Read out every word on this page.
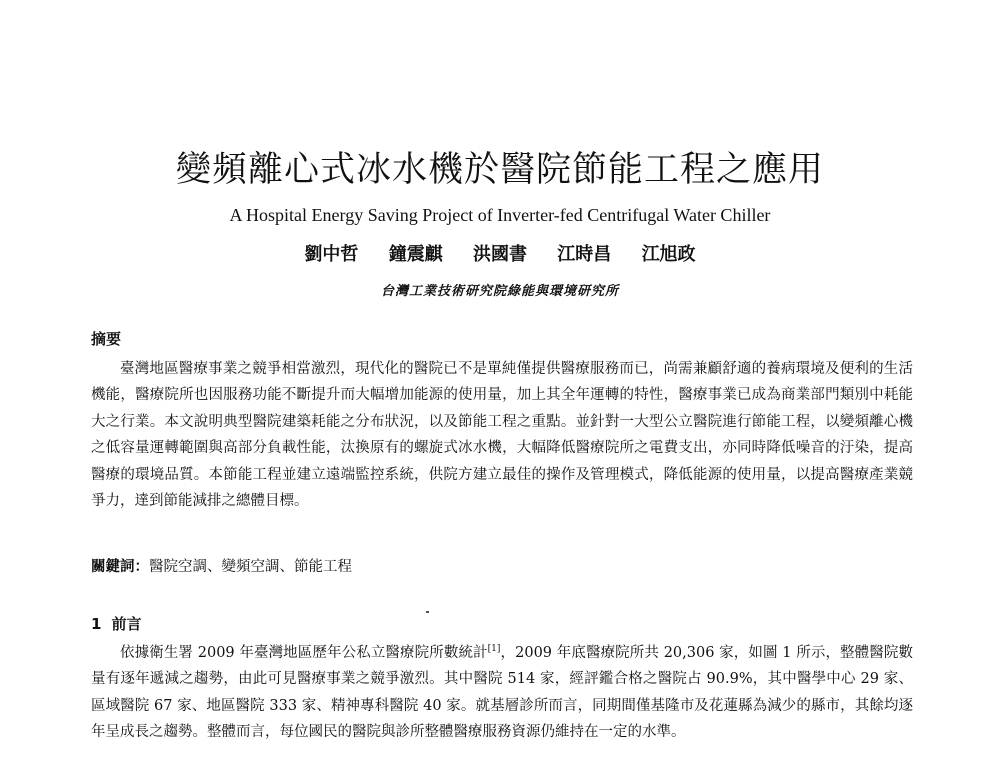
變頻離心式冰水機於醫院節能工程之應用

A Hospital Energy Saving Project of Inverter-fed Centrifugal Water Chiller

劉中哲 鐘震麒 洪國書 江時昌 江旭政
台灣工業技術研究院綠能與環境研究所
摘要

臺灣地區醫療事業之競爭相當激烈，現代化的醫院已不是單純僅提供醫療服務而已，尚需兼顧舒適的養病環境及便利的生活機能，醫療院所也因服務功能不斷提升而大幅增加能源的使用量，加上其全年運轉的特性，醫療事業已成為商業部門類別中耗能大之行業。本文說明典型醫院建築耗能之分布狀況，以及節能工程之重點。並針對一大型公立醫院進行節能工程，以變頻離心機之低容量運轉範圍與高部分負載性能，汰換原有的螺旋式冰水機，大幅降低醫療院所之電費支出，亦同時降低噪音的汙染，提高醫療的環境品質。本節能工程並建立遠端監控系統，供院方建立最佳的操作及管理模式，降低能源的使用量，以提高醫療產業競爭力，達到節能減排之總體目標。

關鍵詞：醫院空調、變頻空調、節能工程

1 前言

依據衛生署 2009 年臺灣地區歷年公私立醫療院所數統計[1]，2009 年底醫療院所共 20,306 家，如圖 1 所示，整體醫院數量有逐年遞減之趨勢，由此可見醫療事業之競爭激烈。其中醫院 514 家，經評鑑合格之醫院占 90.9%，其中醫學中心 29 家、區域醫院 67 家、地區醫院 333 家、精神專科醫院 40 家。就基層診所而言，同期間僅基隆市及花蓮縣為減少的縣市，其餘均逐年呈成長之趨勢。整體而言，每位國民的醫院與診所整體醫療服務資源仍維持在一定的水準。
